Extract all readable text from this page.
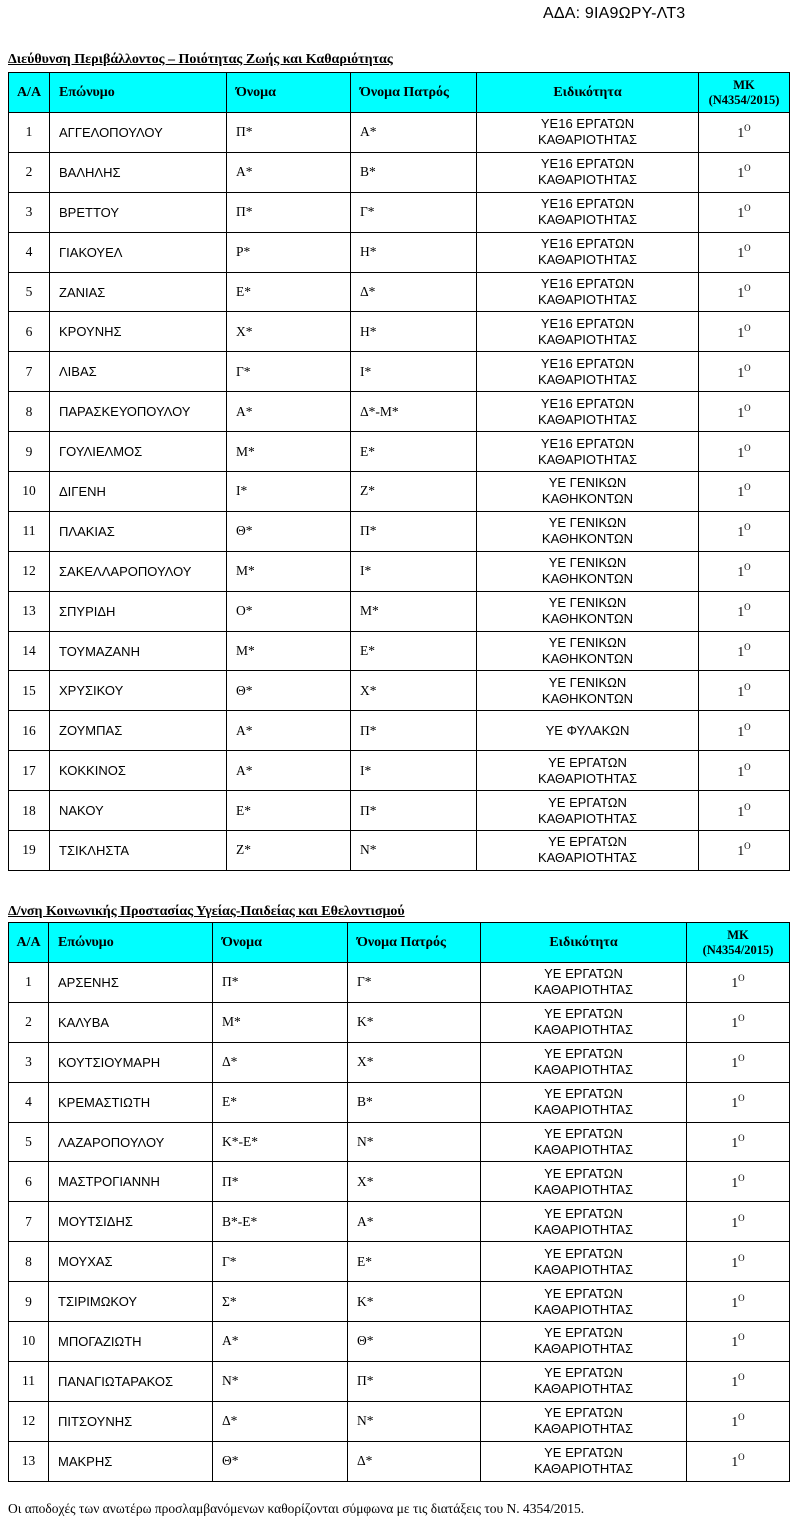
ΑΔΑ: 9ΙΑ9ΩΡΥ-ΛΤ3
Διεύθυνση Περιβάλλοντος – Ποιότητας Ζωής και Καθαριότητας
Α/Α	Επώνυμο	Όνομα	Όνομα Πατρός	Ειδικότητα	ΜΚ
(Ν4354/2015)
1	ΑΓΓΕΛΟΠΟΥΛΟΥ	Π*	Α*	ΥΕ16 ΕΡΓΑΤΩΝ
ΚΑΘΑΡΙΟΤΗΤΑΣ	$1^O$
2	ΒΑΛΗΛΗΣ	Α*	Β*	ΥΕ16 ΕΡΓΑΤΩΝ
ΚΑΘΑΡΙΟΤΗΤΑΣ	$1^O$
3	ΒΡΕΤΤΟΥ	Π*	Γ*	ΥΕ16 ΕΡΓΑΤΩΝ
ΚΑΘΑΡΙΟΤΗΤΑΣ	$1^O$
4	ΓΙΑΚΟΥΕΛ	Ρ*	Η*	ΥΕ16 ΕΡΓΑΤΩΝ
ΚΑΘΑΡΙΟΤΗΤΑΣ	$1^O$
5	ΖΑΝΙΑΣ	Ε*	Δ*	ΥΕ16 ΕΡΓΑΤΩΝ
ΚΑΘΑΡΙΟΤΗΤΑΣ	$1^O$
6	ΚΡΟΥΝΗΣ	Χ*	Η*	ΥΕ16 ΕΡΓΑΤΩΝ
ΚΑΘΑΡΙΟΤΗΤΑΣ	$1^O$
7	ΛΙΒΑΣ	Γ*	Ι*	ΥΕ16 ΕΡΓΑΤΩΝ
ΚΑΘΑΡΙΟΤΗΤΑΣ	$1^O$
8	ΠΑΡΑΣΚΕΥΟΠΟΥΛΟΥ	Α*	Δ*-Μ*	ΥΕ16 ΕΡΓΑΤΩΝ
ΚΑΘΑΡΙΟΤΗΤΑΣ	$1^O$
9	ΓΟΥΛΙΕΛΜΟΣ	Μ*	Ε*	ΥΕ16 ΕΡΓΑΤΩΝ
ΚΑΘΑΡΙΟΤΗΤΑΣ	$1^O$
10	ΔΙΓΕΝΗ	Ι*	Ζ*	ΥΕ ΓΕΝΙΚΩΝ
ΚΑΘΗΚΟΝΤΩΝ	$1^O$
11	ΠΛΑΚΙΑΣ	Θ*	Π*	ΥΕ ΓΕΝΙΚΩΝ
ΚΑΘΗΚΟΝΤΩΝ	$1^O$
12	ΣΑΚΕΛΛΑΡΟΠΟΥΛΟΥ	Μ*	Ι*	ΥΕ ΓΕΝΙΚΩΝ
ΚΑΘΗΚΟΝΤΩΝ	$1^O$
13	ΣΠΥΡΙΔΗ	Ο*	Μ*	ΥΕ ΓΕΝΙΚΩΝ
ΚΑΘΗΚΟΝΤΩΝ	$1^O$
14	ΤΟΥΜΑΖΑΝΗ	Μ*	Ε*	ΥΕ ΓΕΝΙΚΩΝ
ΚΑΘΗΚΟΝΤΩΝ	$1^O$
15	ΧΡΥΣΙΚΟΥ	Θ*	Χ*	ΥΕ ΓΕΝΙΚΩΝ
ΚΑΘΗΚΟΝΤΩΝ	$1^O$
16	ΖΟΥΜΠΑΣ	Α*	Π*	ΥΕ ΦΥΛΑΚΩΝ	$1^O$
17	ΚΟΚΚΙΝΟΣ	Α*	Ι*	ΥΕ ΕΡΓΑΤΩΝ
ΚΑΘΑΡΙΟΤΗΤΑΣ	$1^O$
18	ΝΑΚΟΥ	Ε*	Π*	ΥΕ ΕΡΓΑΤΩΝ
ΚΑΘΑΡΙΟΤΗΤΑΣ	$1^O$
19	ΤΣΙΚΛΗΣΤΑ	Ζ*	Ν*	ΥΕ ΕΡΓΑΤΩΝ
ΚΑΘΑΡΙΟΤΗΤΑΣ	$1^O$
Δ/νση Κοινωνικής Προστασίας Υγείας-Παιδείας και Εθελοντισμού
Α/Α	Επώνυμο	Όνομα	Όνομα Πατρός	Ειδικότητα	ΜΚ
(Ν4354/2015)
1	ΑΡΣΕΝΗΣ	Π*	Γ*	ΥΕ ΕΡΓΑΤΩΝ
ΚΑΘΑΡΙΟΤΗΤΑΣ	$1^O$
2	ΚΑΛΥΒΑ	Μ*	Κ*	ΥΕ ΕΡΓΑΤΩΝ
ΚΑΘΑΡΙΟΤΗΤΑΣ	$1^O$
3	ΚΟΥΤΣΙΟΥΜΑΡΗ	Δ*	Χ*	ΥΕ ΕΡΓΑΤΩΝ
ΚΑΘΑΡΙΟΤΗΤΑΣ	$1^O$
4	ΚΡΕΜΑΣΤΙΩΤΗ	Ε*	Β*	ΥΕ ΕΡΓΑΤΩΝ
ΚΑΘΑΡΙΟΤΗΤΑΣ	$1^O$
5	ΛΑΖΑΡΟΠΟΥΛΟΥ	Κ*-Ε*	Ν*	ΥΕ ΕΡΓΑΤΩΝ
ΚΑΘΑΡΙΟΤΗΤΑΣ	$1^O$
6	ΜΑΣΤΡΟΓΙΑΝΝΗ	Π*	Χ*	ΥΕ ΕΡΓΑΤΩΝ
ΚΑΘΑΡΙΟΤΗΤΑΣ	$1^O$
7	ΜΟΥΤΣΙΔΗΣ	Β*-Ε*	Α*	ΥΕ ΕΡΓΑΤΩΝ
ΚΑΘΑΡΙΟΤΗΤΑΣ	$1^O$
8	ΜΟΥΧΑΣ	Γ*	Ε*	ΥΕ ΕΡΓΑΤΩΝ
ΚΑΘΑΡΙΟΤΗΤΑΣ	$1^O$
9	ΤΣΙΡΙΜΩΚΟΥ	Σ*	Κ*	ΥΕ ΕΡΓΑΤΩΝ
ΚΑΘΑΡΙΟΤΗΤΑΣ	$1^O$
10	ΜΠΟΓΑΖΙΩΤΗ	Α*	Θ*	ΥΕ ΕΡΓΑΤΩΝ
ΚΑΘΑΡΙΟΤΗΤΑΣ	$1^O$
11	ΠΑΝΑΓΙΩΤΑΡΑΚΟΣ	Ν*	Π*	ΥΕ ΕΡΓΑΤΩΝ
ΚΑΘΑΡΙΟΤΗΤΑΣ	$1^O$
12	ΠΙΤΣΟΥΝΗΣ	Δ*	Ν*	ΥΕ ΕΡΓΑΤΩΝ
ΚΑΘΑΡΙΟΤΗΤΑΣ	$1^O$
13	ΜΑΚΡΗΣ	Θ*	Δ*	ΥΕ ΕΡΓΑΤΩΝ
ΚΑΘΑΡΙΟΤΗΤΑΣ	$1^O$
Οι αποδοχές των ανωτέρω προσλαμβανόμενων καθορίζονται σύμφωνα με τις διατάξεις του Ν. 4354/2015.
